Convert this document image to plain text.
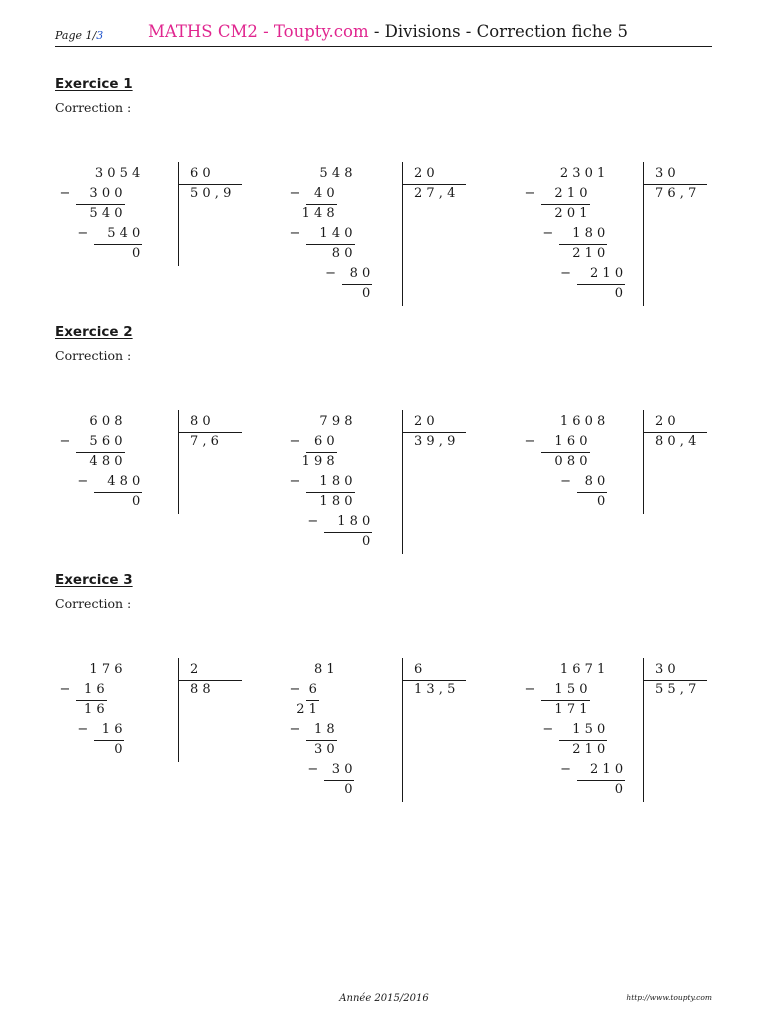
Page 1/3	MATHS CM2 - Toupty.com - Divisions - Correction fiche 5

Exercice 1

Correction :

Exercice 2

Correction :

Exercice 3

Correction :
3 0 5 4
3 0 0
−
5 4 0
5 4 0
−
0
6 0
5 0 , 9
5 4 8
4 0
−
1 4 8
1 4 0
−
8 0
8 0
−
0
2 0
2 7 , 4
2 3 0 1
2 1 0
−
2 0 1
1 8 0
−
2 1 0
2 1 0
−
0
3 0
7 6 , 7
6 0 8
5 6 0
−
4 8 0
4 8 0
−
0
8 0
7 , 6
7 9 8
6 0
−
1 9 8
1 8 0
−
1 8 0
1 8 0
−
0
2 0
3 9 , 9
1 6 0 8
1 6 0
−
0 8 0
8 0
−
0
2 0
8 0 , 4
1 7 6
1 6
−
1 6
1 6
−
0
2
8 8
8 1
6
−
2 1
1 8
−
3 0
3 0
−
0
6
1 3 , 5
1 6 7 1
1 5 0
−
1 7 1
1 5 0
−
2 1 0
2 1 0
−
0
3 0
5 5 , 7
Année 2015/2016	http://www.toupty.com
